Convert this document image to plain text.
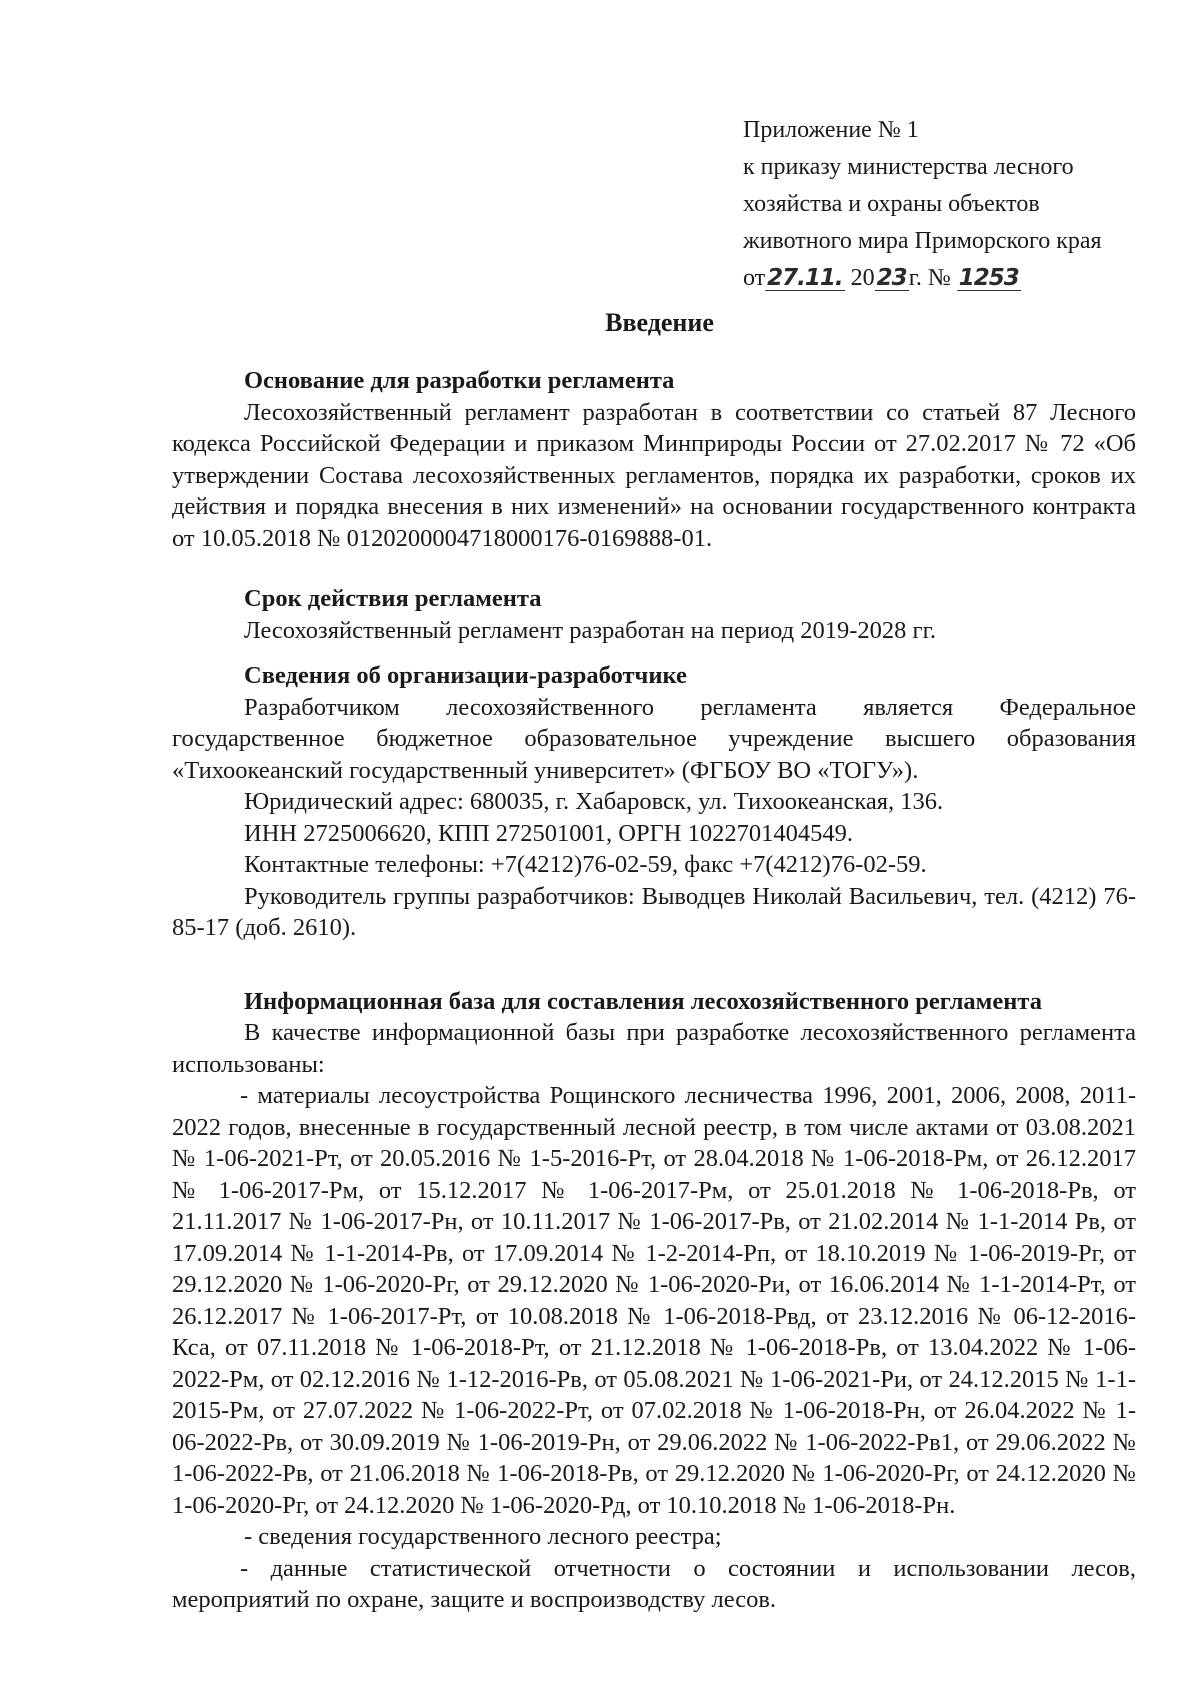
Приложение № 1
к приказу министерства лесного
хозяйства и охраны объектов
животного мира Приморского края
от27.11. 2023г. № 1253
Введение

Основание для разработки регламента

Лесохозяйственный регламент разработан в соответствии со статьей 87 Лесного кодекса Российской Федерации и приказом Минприроды России от 27.02.2017 № 72 «Об утверждении Состава лесохозяйственных регламентов, порядка их разработки, сроков их действия и порядка внесения в них изменений» на основании государственного контракта от 10.05.2018 № 0120200004718000176-0169888-01.

Срок действия регламента

Лесохозяйственный регламент разработан на период 2019-2028 гг.

Сведения об организации-разработчике

Разработчиком лесохозяйственного регламента является Федеральное государственное бюджетное образовательное учреждение высшего образования «Тихоокеанский государственный университет» (ФГБОУ ВО «ТОГУ»).

Юридический адрес: 680035, г. Хабаровск, ул. Тихоокеанская, 136.

ИНН 2725006620, КПП 272501001, ОРГН 1022701404549.

Контактные телефоны: +7(4212)76-02-59, факс +7(4212)76-02-59.

Руководитель группы разработчиков: Выводцев Николай Васильевич, тел. (4212) 76-85-17 (доб. 2610).

Информационная база для составления лесохозяйственного регламента

В качестве информационной базы при разработке лесохозяйственного регламента использованы:

- материалы лесоустройства Рощинского лесничества 1996, 2001, 2006, 2008, 2011-2022 годов, внесенные в государственный лесной реестр, в том числе актами от 03.08.2021 № 1-06-2021-Рт, от 20.05.2016 № 1-5-2016-Рт, от 28.04.2018 № 1-06-2018-Рм, от 26.12.2017 № 1-06-2017-Рм, от 15.12.2017 № 1-06-2017-Рм, от 25.01.2018 № 1-06-2018-Рв, от 21.11.2017 № 1-06-2017-Рн, от 10.11.2017 № 1-06-2017-Рв, от 21.02.2014 № 1-1-2014 Рв, от 17.09.2014 № 1-1-2014-Рв, от 17.09.2014 № 1-2-2014-Рп, от 18.10.2019 № 1-06-2019-Рг, от 29.12.2020 № 1-06-2020-Рг, от 29.12.2020 № 1-06-2020-Ри, от 16.06.2014 № 1-1-2014-Рт, от 26.12.2017 № 1-06-2017-Рт, от 10.08.2018 № 1-06-2018-Рвд, от 23.12.2016 № 06-12-2016-Кса, от 07.11.2018 № 1-06-2018-Рт, от 21.12.2018 № 1-06-2018-Рв, от 13.04.2022 № 1-06-2022-Рм, от 02.12.2016 № 1-12-2016-Рв, от 05.08.2021 № 1-06-2021-Ри, от 24.12.2015 № 1-1-2015-Рм, от 27.07.2022 № 1-06-2022-Рт, от 07.02.2018 № 1-06-2018-Рн, от 26.04.2022 № 1-06-2022-Рв, от 30.09.2019 № 1-06-2019-Рн, от 29.06.2022 № 1-06-2022-Рв1, от 29.06.2022 № 1-06-2022-Рв, от 21.06.2018 № 1-06-2018-Рв, от 29.12.2020 № 1-06-2020-Рг, от 24.12.2020 № 1-06-2020-Рг, от 24.12.2020 № 1-06-2020-Рд, от 10.10.2018 № 1-06-2018-Рн.

- сведения государственного лесного реестра;

- данные статистической отчетности о состоянии и использовании лесов, мероприятий по охране, защите и воспроизводству лесов.
